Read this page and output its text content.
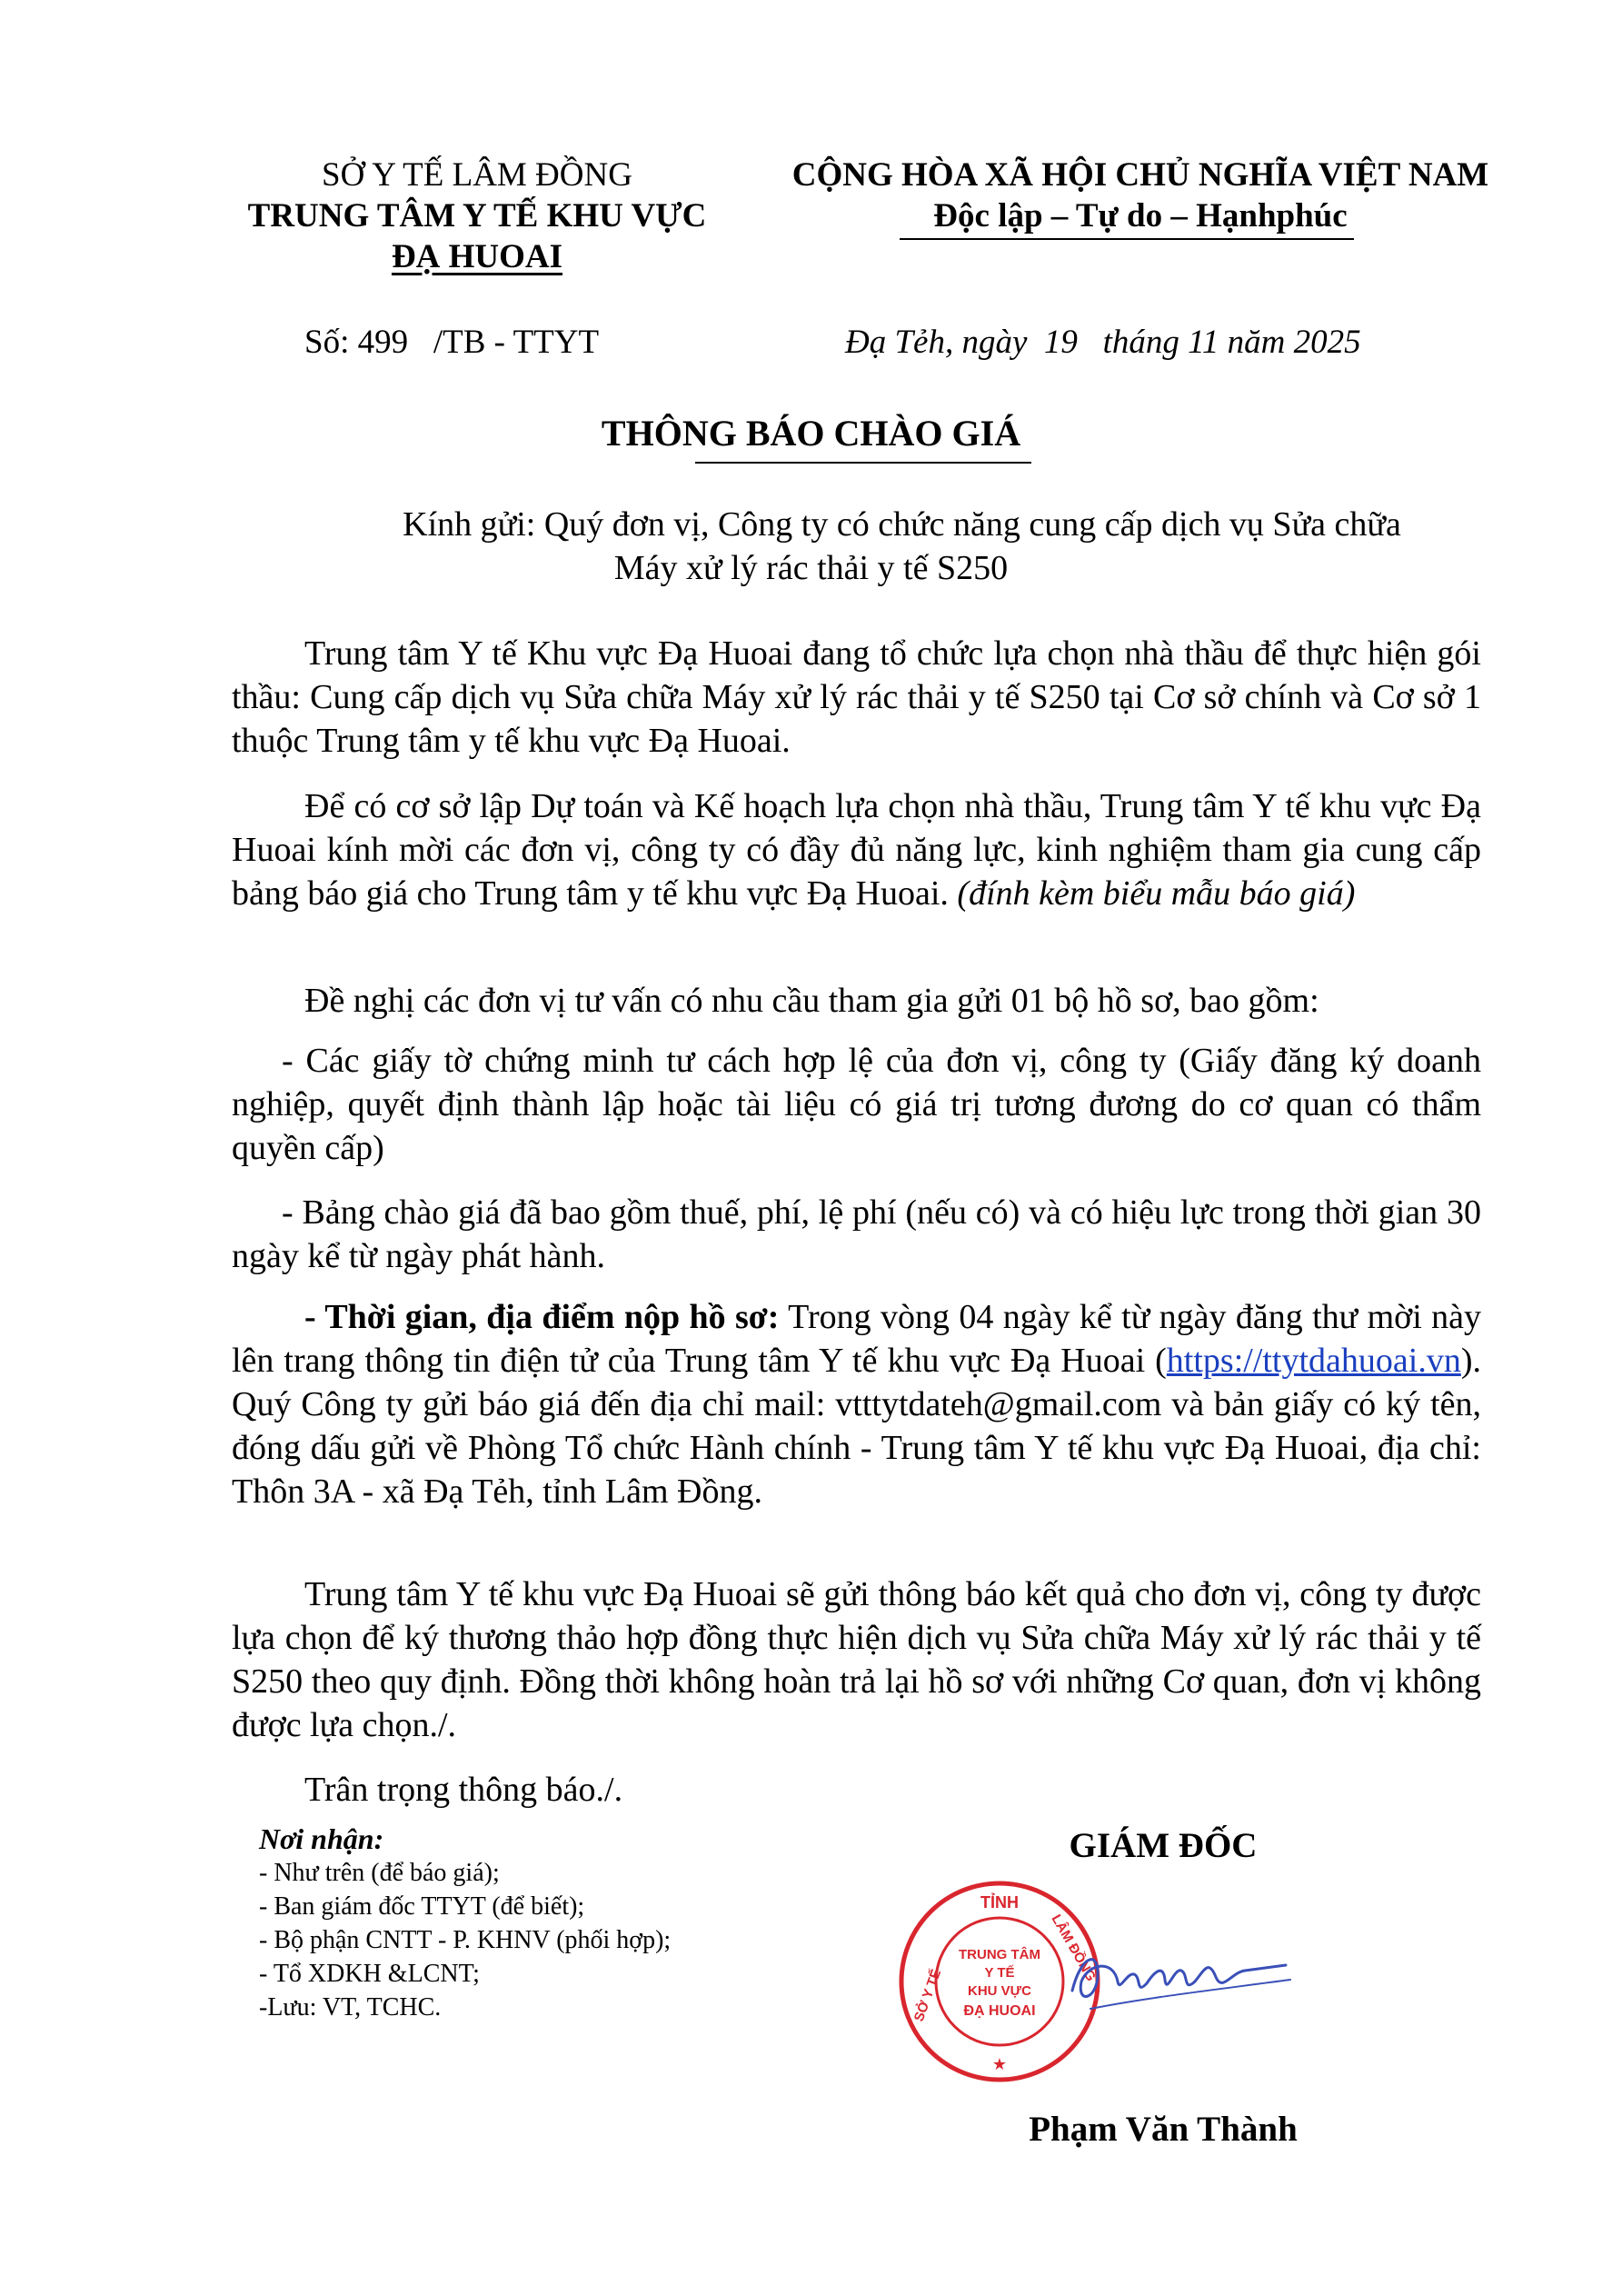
SỞ Y TẾ LÂM ĐỒNG
TRUNG TÂM Y TẾ KHU VỰC
ĐẠ HUOAI
CỘNG HÒA XÃ HỘI CHỦ NGHĨA VIỆT NAM
Độc lập – Tự do – Hạnhphúc
Số: 499   /TB - TTYT	Đạ Tẻh, ngày  19   tháng 11 năm 2025
THÔNG BÁO CHÀO GIÁ
Kính gửi: Quý đơn vị, Công ty có chức năng cung cấp dịch vụ Sửa chữa
Máy xử lý rác thải y tế S250
Trung tâm Y tế Khu vực Đạ Huoai đang tổ chức lựa chọn nhà thầu để thực hiện gói thầu: Cung cấp dịch vụ Sửa chữa Máy xử lý rác thải y tế S250 tại Cơ sở chính và Cơ sở 1 thuộc Trung tâm y tế khu vực Đạ Huoai.
Để có cơ sở lập Dự toán và Kế hoạch lựa chọn nhà thầu, Trung tâm Y tế khu vực Đạ Huoai kính mời các đơn vị, công ty có đầy đủ năng lực, kinh nghiệm tham gia cung cấp bảng báo giá cho Trung tâm y tế khu vực Đạ Huoai. (đính kèm biểu mẫu báo giá)
Đề nghị các đơn vị tư vấn có nhu cầu tham gia gửi 01 bộ hồ sơ, bao gồm:
- Các giấy tờ chứng minh tư cách hợp lệ của đơn vị, công ty (Giấy đăng ký doanh nghiệp, quyết định thành lập hoặc tài liệu có giá trị tương đương do cơ quan có thẩm quyền cấp)
- Bảng chào giá đã bao gồm thuế, phí, lệ phí (nếu có) và có hiệu lực trong thời gian 30 ngày kể từ ngày phát hành.
- Thời gian, địa điểm nộp hồ sơ: Trong vòng 04 ngày kể từ ngày đăng thư mời này lên trang thông tin điện tử của Trung tâm Y tế khu vực Đạ Huoai (https://ttytdahuoai.vn). Quý Công ty gửi báo giá đến địa chỉ mail: vtttytdateh@gmail.com và bản giấy có ký tên, đóng dấu gửi về Phòng Tổ chức Hành chính - Trung tâm Y tế khu vực Đạ Huoai, địa chỉ: Thôn 3A - xã Đạ Tẻh, tỉnh Lâm Đồng.
Trung tâm Y tế khu vực Đạ Huoai sẽ gửi thông báo kết quả cho đơn vị, công ty được lựa chọn để ký thương thảo hợp đồng thực hiện dịch vụ Sửa chữa Máy xử lý rác thải y tế S250 theo quy định. Đồng thời không hoàn trả lại hồ sơ với những Cơ quan, đơn vị không được lựa chọn./.
Trân trọng thông báo./.
Nơi nhận:
- Như trên (để báo giá);
- Ban giám đốc TTYT (để biết);
- Bộ phận CNTT - P. KHNV (phối hợp);
- Tổ XDKH &LCNT;
-Lưu: VT, TCHC.
GIÁM ĐỐC
TỈNH
SỞ Y TẾ
LÂM ĐỒNG
TRUNG TÂM
Y TẾ
KHU VỰC
ĐẠ HUOAI
★
Phạm Văn Thành
